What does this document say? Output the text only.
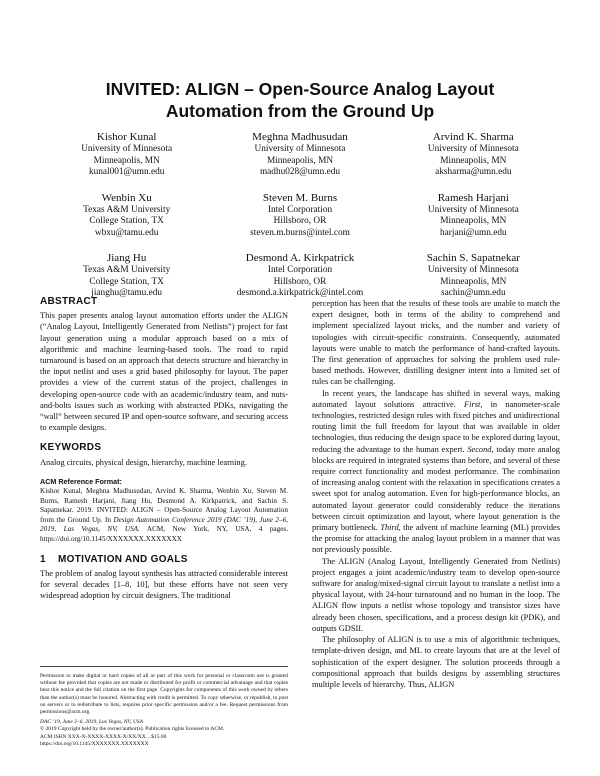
INVITED: ALIGN – Open-Source Analog Layout
Automation from the Ground Up
Kishor Kunal
University of Minnesota
Minneapolis, MN
kunal001@umn.edu
Meghna Madhusudan
University of Minnesota
Minneapolis, MN
madhu028@umn.edu
Arvind K. Sharma
University of Minnesota
Minneapolis, MN
aksharma@umn.edu
Wenbin Xu
Texas A&M University
College Station, TX
wbxu@tamu.edu
Steven M. Burns
Intel Corporation
Hillsboro, OR
steven.m.burns@intel.com
Ramesh Harjani
University of Minnesota
Minneapolis, MN
harjani@umn.edu
Jiang Hu
Texas A&M University
College Station, TX
jianghu@tamu.edu
Desmond A. Kirkpatrick
Intel Corporation
Hillsboro, OR
desmond.a.kirkpatrick@intel.com
Sachin S. Sapatnekar
University of Minnesota
Minneapolis, MN
sachin@umn.edu
ABSTRACT

This paper presents analog layout automation efforts under the ALIGN (“Analog Layout, Intelligently Generated from Netlists”) project for fast layout generation using a modular approach based on a mix of algorithmic and machine learning-based tools. The road to rapid turnaround is based on an approach that detects structure and hierarchy in the input netlist and uses a grid based philosophy for layout. The paper provides a view of the current status of the project, challenges in developing open-source code with an academic/industry team, and nuts-and-bolts issues such as working with abstracted PDKs, navigating the “wall” between secured IP and open-source software, and securing access to example designs.

KEYWORDS

Analog circuits, physical design, hierarchy, machine learning.

ACM Reference Format:

Kishor Kunal, Meghna Madhusudan, Arvind K. Sharma, Wenbin Xu, Steven M. Burns, Ramesh Harjani, Jiang Hu, Desmond A. Kirkpatrick, and Sachin S. Sapatnekar. 2019. INVITED: ALIGN – Open-Source Analog Layout Automation from the Ground Up. In Design Automation Conference 2019 (DAC ’19), June 2–6, 2019, Las Vegas, NV, USA. ACM, New York, NY, USA, 4 pages. https://doi.org/10.1145/XXXXXXX.XXXXXXX

1 MOTIVATION AND GOALS

The problem of analog layout synthesis has attracted considerable interest for several decades [1–8, 10], but these efforts have not seen very widespread adoption by circuit designers. The traditional

Permission to make digital or hard copies of all or part of this work for personal or classroom use is granted without fee provided that copies are not made or distributed for profit or commercial advantage and that copies bear this notice and the full citation on the first page. Copyrights for components of this work owned by others than the author(s) must be honored. Abstracting with credit is permitted. To copy otherwise, or republish, to post on servers or to redistribute to lists, requires prior specific permission and/or a fee. Request permissions from permissions@acm.org.

DAC ’19, June 2–6, 2019, Las Vegas, NV, USA

© 2019 Copyright held by the owner/author(s). Publication rights licensed to ACM.

ACM ISBN XXX-X-XXXX-XXXX-X/XX/XX…$15.00

https://doi.org/10.1145/XXXXXXX.XXXXXXX

perception has been that the results of these tools are unable to match the expert designer, both in terms of the ability to comprehend and implement specialized layout tricks, and the number and variety of topologies with circuit-specific constraints. Consequently, automated layouts were unable to match the performance of hand-crafted layouts. The first generation of approaches for solving the problem used rule-based methods. However, distilling designer intent into a limited set of rules can be challenging.

In recent years, the landscape has shifted in several ways, making automated layout solutions attractive. First, in nanometer-scale technologies, restricted design rules with fixed pitches and unidirectional routing limit the full freedom for layout that was available in older technologies, thus reducing the design space to be explored during layout, reducing the advantage to the human expert. Second, today more analog blocks are required in integrated systems than before, and several of these require correct functionality and modest performance. The combination of increasing analog content with the relaxation in specifications creates a sweet spot for analog automation. Even for high-performance blocks, an automated layout generator could considerably reduce the iterations between circuit optimization and layout, where layout generation is the primary bottleneck. Third, the advent of machine learning (ML) provides the promise for attacking the analog layout problem in a manner that was not previously possible.

The ALIGN (Analog Layout, Intelligently Generated from Netlists) project engages a joint academic/industry team to develop open-source software for analog/mixed-signal circuit layout to translate a netlist into a physical layout, with 24-hour turnaround and no human in the loop. The ALIGN flow inputs a netlist whose topology and transistor sizes have already been chosen, specifications, and a process design kit (PDK), and outputs GDSII.

The philosophy of ALIGN is to use a mix of algorithmic techniques, template-driven design, and ML to create layouts that are at the level of sophistication of the expert designer. The solution proceeds through a compositional approach that builds designs by assembling structures multiple levels of hierarchy. Thus, ALIGN
